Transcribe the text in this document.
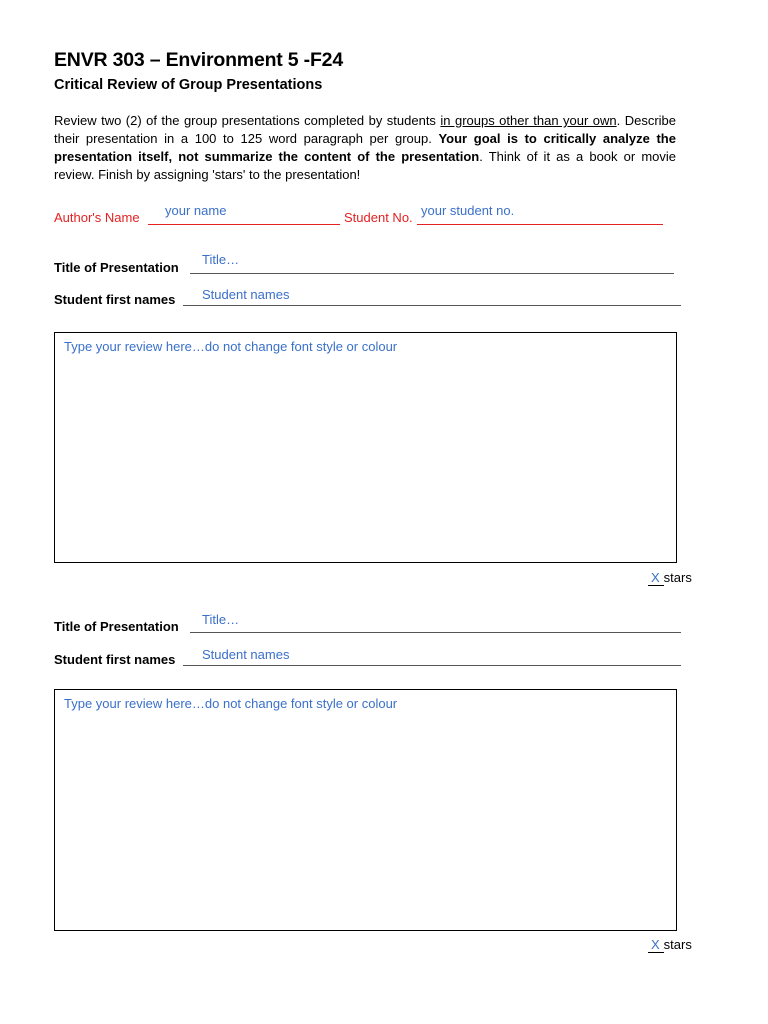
ENVR 303 – Environment 5 -F24
Critical Review of Group Presentations
Review two (2) of the group presentations completed by students in groups other than your own. Describe their presentation in a 100 to 125 word paragraph per group. Your goal is to critically analyze the presentation itself, not summarize the content of the presentation. Think of it as a book or movie review. Finish by assigning 'stars' to the presentation!
Author's Name your name	Student No. your student no.
Title of Presentation
Title…
Student first names Student names
Type your review here…do not change font style or colour
X stars
Title of Presentation Title…
Student first names Student names
Type your review here…do not change font style or colour
X stars
